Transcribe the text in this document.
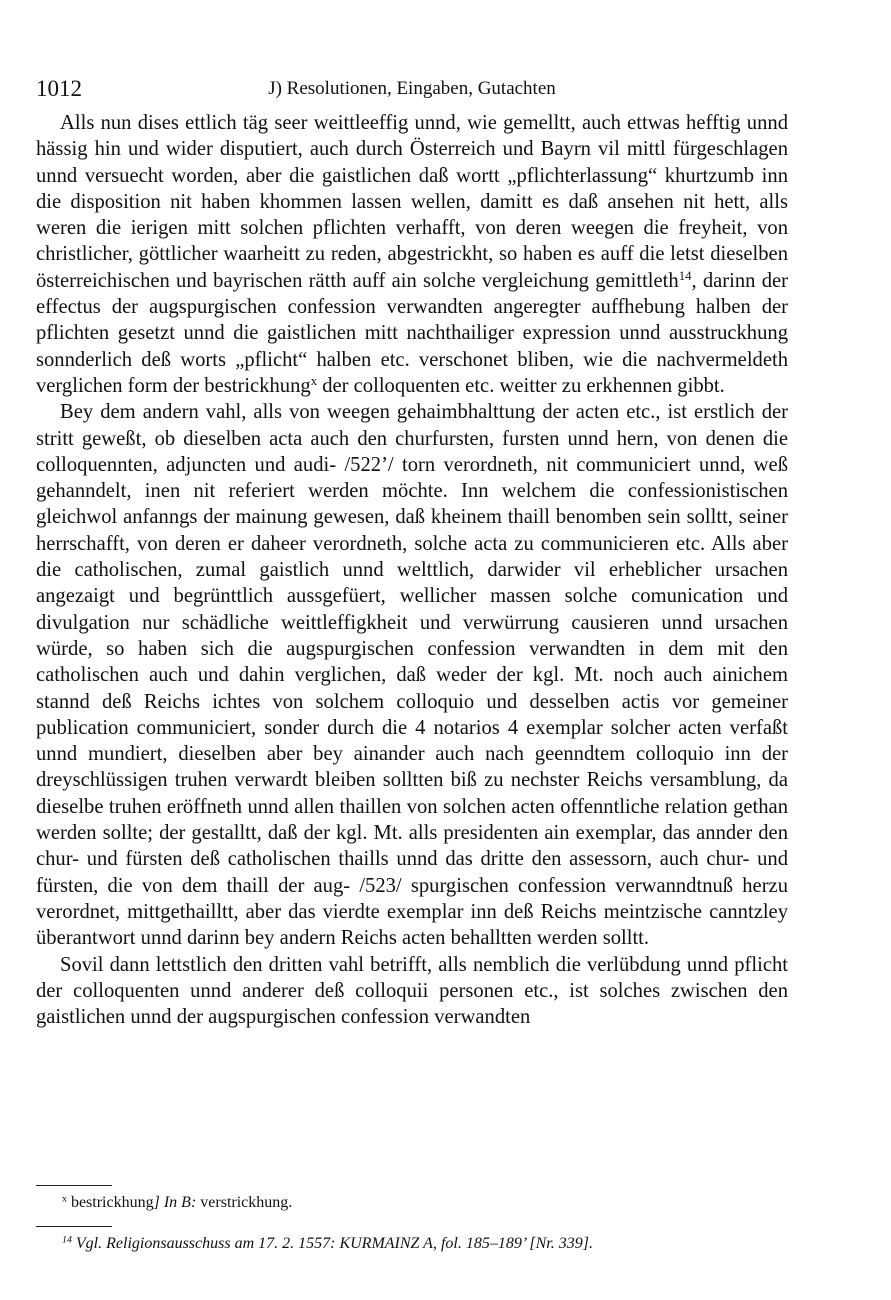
1012	J) Resolutionen, Eingaben, Gutachten

Alls nun dises ettlich täg seer weittleeffig unnd, wie gemelltt, auch ettwas hefftig unnd hässig hin und wider disputiert, auch durch Österreich und Bayrn vil mittl fürgeschlagen unnd versuecht worden, aber die gaistlichen daß wortt „pflichterlassung“ khurtzumb inn die disposition nit haben khommen lassen wellen, damitt es daß ansehen nit hett, alls weren die ierigen mitt solchen pflichten verhafft, von deren weegen die freyheit, von christlicher, göttlicher waarheitt zu reden, abgestrickht, so haben es auff die letst dieselben österreichischen und bayrischen rätth auff ain solche vergleichung gemittleth$^{14}$, darinn der effectus der augspurgischen confession verwandten angeregter auffhebung halben der pflichten gesetzt unnd die gaistlichen mitt nachthailiger expression unnd ausstruckhung sonnderlich deß worts „pflicht“ halben etc. verschonet bliben, wie die nachvermeldeth verglichen form der bestrickhung$^x$ der colloquenten etc. weitter zu erkhennen gibbt.

Bey dem andern vahl, alls von weegen gehaimbhalttung der acten etc., ist erstlich der stritt geweßt, ob dieselben acta auch den churfursten, fursten unnd hern, von denen die colloquennten, adjuncten und audi- /522’/ torn verordneth, nit communiciert unnd, weß gehanndelt, inen nit referiert werden möchte. Inn welchem die confessionistischen gleichwol anfanngs der mainung gewesen, daß kheinem thaill benomben sein solltt, seiner herrschafft, von deren er daheer verordneth, solche acta zu communicieren etc. Alls aber die catholischen, zumal gaistlich unnd welttlich, darwider vil erheblicher ursachen angezaigt und begrünttlich aussgefüert, wellicher massen solche comunication und divulgation nur schädliche weittleffigkheit und verwürrung causieren unnd ursachen würde, so haben sich die augspurgischen confession verwandten in dem mit den catholischen auch und dahin verglichen, daß weder der kgl. Mt. noch auch ainichem stannd deß Reichs ichtes von solchem colloquio und desselben actis vor gemeiner publication communiciert, sonder durch die 4 notarios 4 exemplar solcher acten verfaßt unnd mundiert, dieselben aber bey ainander auch nach geenndtem colloquio inn der dreyschlüssigen truhen verwardt bleiben solltten biß zu nechster Reichs versamblung, da dieselbe truhen eröffneth unnd allen thaillen von solchen acten offenntliche relation gethan werden sollte; der gestalltt, daß der kgl. Mt. alls presidenten ain exemplar, das annder den chur- und fürsten deß catholischen thaills unnd das dritte den assessorn, auch chur- und fürsten, die von dem thaill der aug- /523/ spurgischen confession verwanndtnuß herzu verordnet, mittgethailltt, aber das vierdte exemplar inn deß Reichs meintzische canntzley überantwort unnd darinn bey andern Reichs acten behalltten werden solltt.

Sovil dann lettstlich den dritten vahl betrifft, alls nemblich die verlübdung unnd pflicht der colloquenten unnd anderer deß colloquii personen etc., ist solches zwischen den gaistlichen unnd der augspurgischen confession verwandten

$^x$ bestrickhung] In B: verstrickhung.
$^{14}$ Vgl. Religionsausschuss am 17. 2. 1557: KURMAINZ A, fol. 185–189’ [Nr. 339].
